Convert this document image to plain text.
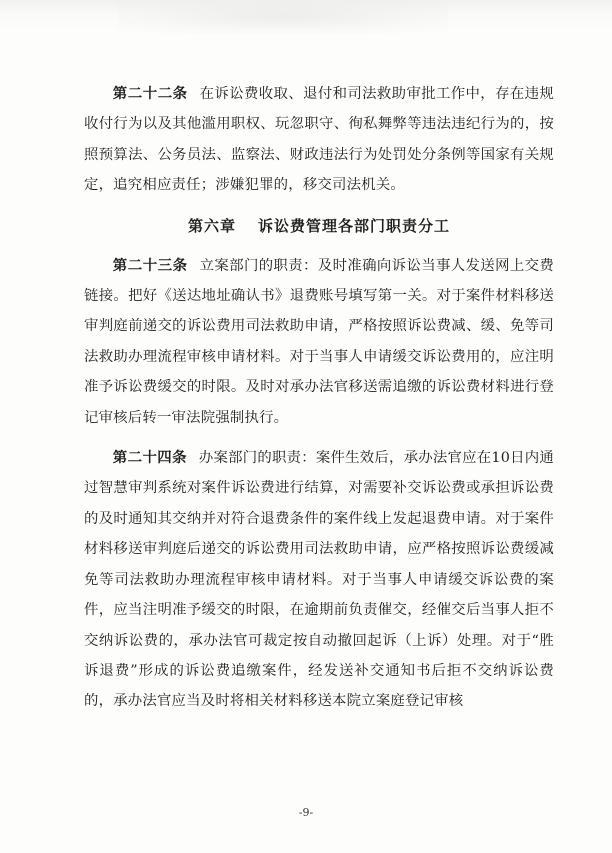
第二十二条 在诉讼费收取、退付和司法救助审批工作中，存在违规收付行为以及其他滥用职权、玩忽职守、徇私舞弊等违法违纪行为的，按照预算法、公务员法、监察法、财政违法行为处罚处分条例等国家有关规定，追究相应责任；涉嫌犯罪的，移交司法机关。

第六章 诉讼费管理各部门职责分工

第二十三条 立案部门的职责：及时准确向诉讼当事人发送网上交费链接。把好《送达地址确认书》退费账号填写第一关。对于案件材料移送审判庭前递交的诉讼费用司法救助申请，严格按照诉讼费减、缓、免等司法救助办理流程审核申请材料。对于当事人申请缓交诉讼费用的，应注明准予诉讼费缓交的时限。及时对承办法官移送需追缴的诉讼费材料进行登记审核后转一审法院强制执行。

第二十四条 办案部门的职责：案件生效后，承办法官应在10日内通过智慧审判系统对案件诉讼费进行结算，对需要补交诉讼费或承担诉讼费的及时通知其交纳并对符合退费条件的案件线上发起退费申请。对于案件材料移送审判庭后递交的诉讼费用司法救助申请，应严格按照诉讼费缓减免等司法救助办理流程审核申请材料。对于当事人申请缓交诉讼费的案件，应当注明准予缓交的时限，在逾期前负责催交，经催交后当事人拒不交纳诉讼费的，承办法官可裁定按自动撤回起诉（上诉）处理。对于“胜诉退费”形成的诉讼费追缴案件，经发送补交通知书后拒不交纳诉讼费的，承办法官应当及时将相关材料移送本院立案庭登记审核

-9-
